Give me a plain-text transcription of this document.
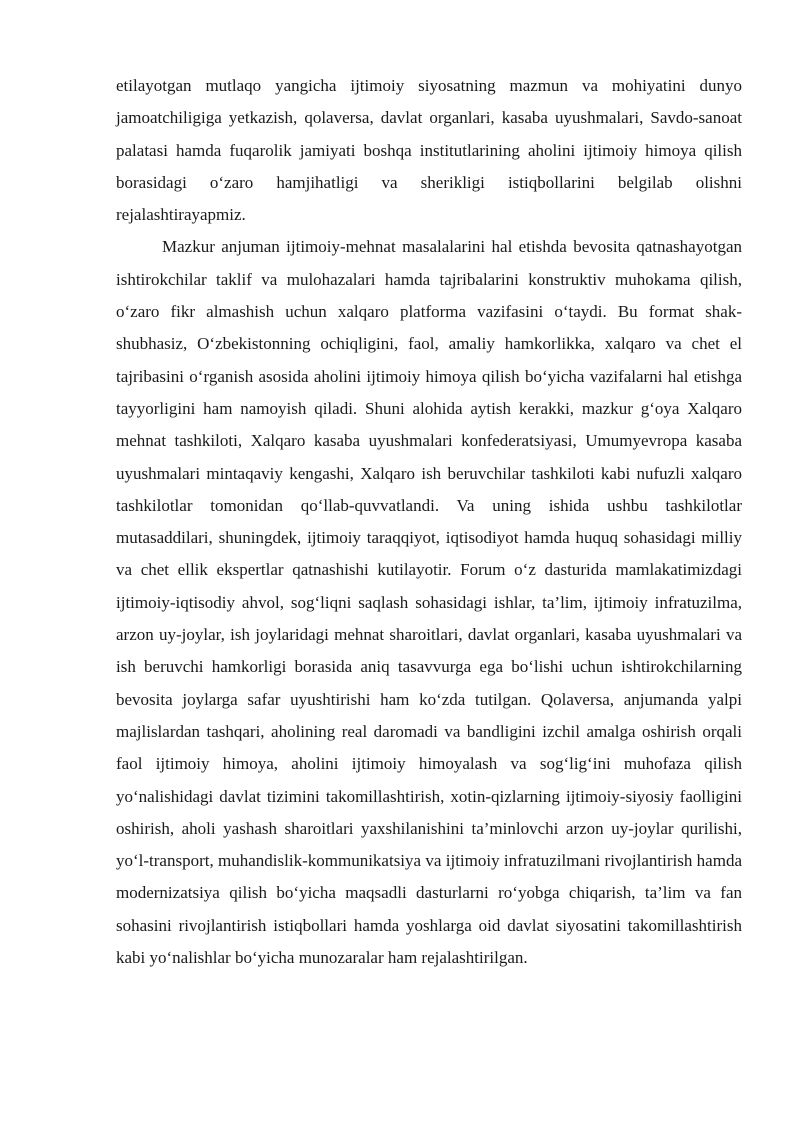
etilayotgan mutlaqo yangicha ijtimoiy siyosatning mazmun va mohiyatini dunyo jamoatchiligiga yetkazish, qolaversa, davlat organlari, kasaba uyushmalari, Savdo-sanoat palatasi hamda fuqarolik jamiyati boshqa institutlarining aholini ijtimoiy himoya qilish borasidagi o‘zaro hamjihatligi va sherikligi istiqbollarini belgilab olishni rejalashtirayapmiz.

Mazkur anjuman ijtimoiy-mehnat masalalarini hal etishda bevosita qatnashayotgan ishtirokchilar taklif va mulohazalari hamda tajribalarini konstruktiv muhokama qilish, o‘zaro fikr almashish uchun xalqaro platforma vazifasini o‘taydi. Bu format shak-shubhasiz, O‘zbekistonning ochiqligini, faol, amaliy hamkorlikka, xalqaro va chet el tajribasini o‘rganish asosida aholini ijtimoiy himoya qilish bo‘yicha vazifalarni hal etishga tayyorligini ham namoyish qiladi. Shuni alohida aytish kerakki, mazkur g‘oya Xalqaro mehnat tashkiloti, Xalqaro kasaba uyushmalari konfederatsiyasi, Umumyevropa kasaba uyushmalari mintaqaviy kengashi, Xalqaro ish beruvchilar tashkiloti kabi nufuzli xalqaro tashkilotlar tomonidan qo‘llab-quvvatlandi. Va uning ishida ushbu tashkilotlar mutasaddilari, shuningdek, ijtimoiy taraqqiyot, iqtisodiyot hamda huquq sohasidagi milliy va chet ellik ekspertlar qatnashishi kutilayotir. Forum o‘z dasturida mamlakatimizdagi ijtimoiy-iqtisodiy ahvol, sog‘liqni saqlash sohasidagi ishlar, ta’lim, ijtimoiy infratuzilma, arzon uy-joylar, ish joylaridagi mehnat sharoitlari, davlat organlari, kasaba uyushmalari va ish beruvchi hamkorligi borasida aniq tasavvurga ega bo‘lishi uchun ishtirokchilarning bevosita joylarga safar uyushtirishi ham ko‘zda tutilgan. Qolaversa, anjumanda yalpi majlislardan tashqari, aholining real daromadi va bandligini izchil amalga oshirish orqali faol ijtimoiy himoya, aholini ijtimoiy himoyalash va sog‘lig‘ini muhofaza qilish yo‘nalishidagi davlat tizimini takomillashtirish, xotin-qizlarning ijtimoiy-siyosiy faolligini oshirish, aholi yashash sharoitlari yaxshilanishini ta’minlovchi arzon uy-joylar qurilishi, yo‘l-transport, muhandislik-kommunikatsiya va ijtimoiy infratuzilmani rivojlantirish hamda modernizatsiya qilish bo‘yicha maqsadli dasturlarni ro‘yobga chiqarish, ta’lim va fan sohasini rivojlantirish istiqbollari hamda yoshlarga oid davlat siyosatini takomillashtirish kabi yo‘nalishlar bo‘yicha munozaralar ham rejalashtirilgan.
